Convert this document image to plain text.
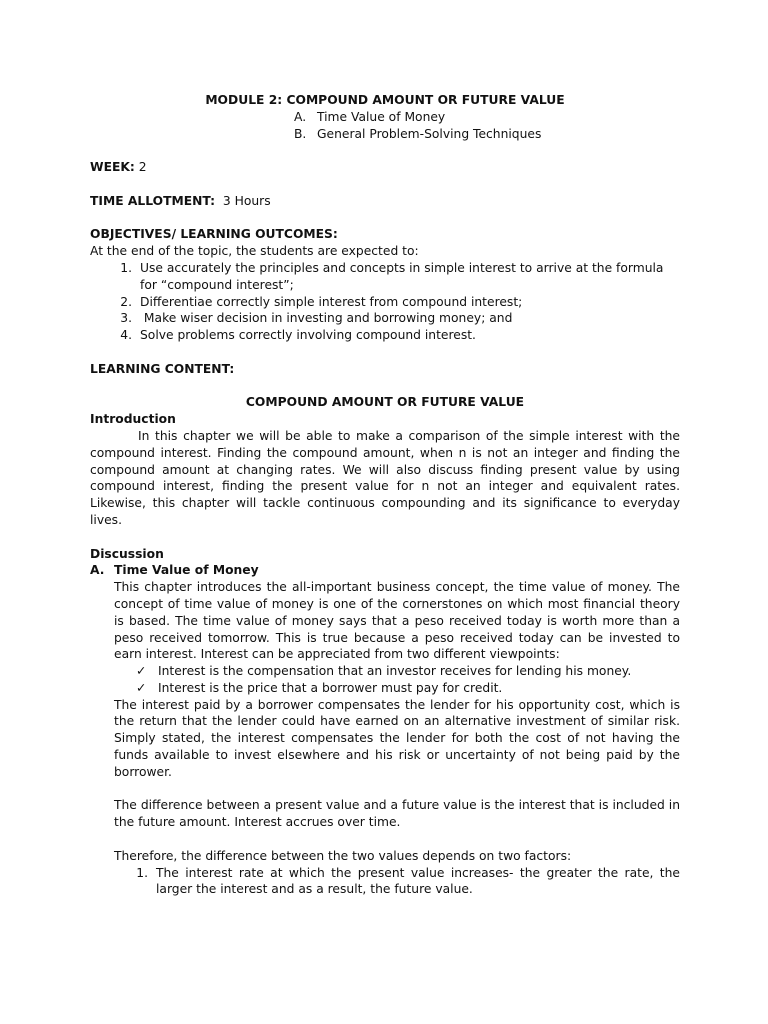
MODULE 2: COMPOUND AMOUNT OR FUTURE VALUE
A. Time Value of Money
B. General Problem-Solving Techniques
WEEK: 2
TIME ALLOTMENT: 3 Hours
OBJECTIVES/ LEARNING OUTCOMES:
At the end of the topic, the students are expected to:
1. Use accurately the principles and concepts in simple interest to arrive at the formula for “compound interest”;
2. Differentiae correctly simple interest from compound interest;
3. Make wiser decision in investing and borrowing money; and
4. Solve problems correctly involving compound interest.
LEARNING CONTENT:
COMPOUND AMOUNT OR FUTURE VALUE
Introduction
In this chapter we will be able to make a comparison of the simple interest with the compound interest. Finding the compound amount, when n is not an integer and finding the compound amount at changing rates. We will also discuss finding present value by using compound interest, finding the present value for n not an integer and equivalent rates. Likewise, this chapter will tackle continuous compounding and its significance to everyday lives.
Discussion
A. Time Value of Money
This chapter introduces the all-important business concept, the time value of money. The concept of time value of money is one of the cornerstones on which most financial theory is based. The time value of money says that a peso received today is worth more than a peso received tomorrow. This is true because a peso received today can be invested to earn interest. Interest can be appreciated from two different viewpoints:
✓ Interest is the compensation that an investor receives for lending his money.
✓ Interest is the price that a borrower must pay for credit.
The interest paid by a borrower compensates the lender for his opportunity cost, which is the return that the lender could have earned on an alternative investment of similar risk. Simply stated, the interest compensates the lender for both the cost of not having the funds available to invest elsewhere and his risk or uncertainty of not being paid by the borrower.
The difference between a present value and a future value is the interest that is included in the future amount. Interest accrues over time.
Therefore, the difference between the two values depends on two factors:
1. The interest rate at which the present value increases- the greater the rate, the larger the interest and as a result, the future value.
